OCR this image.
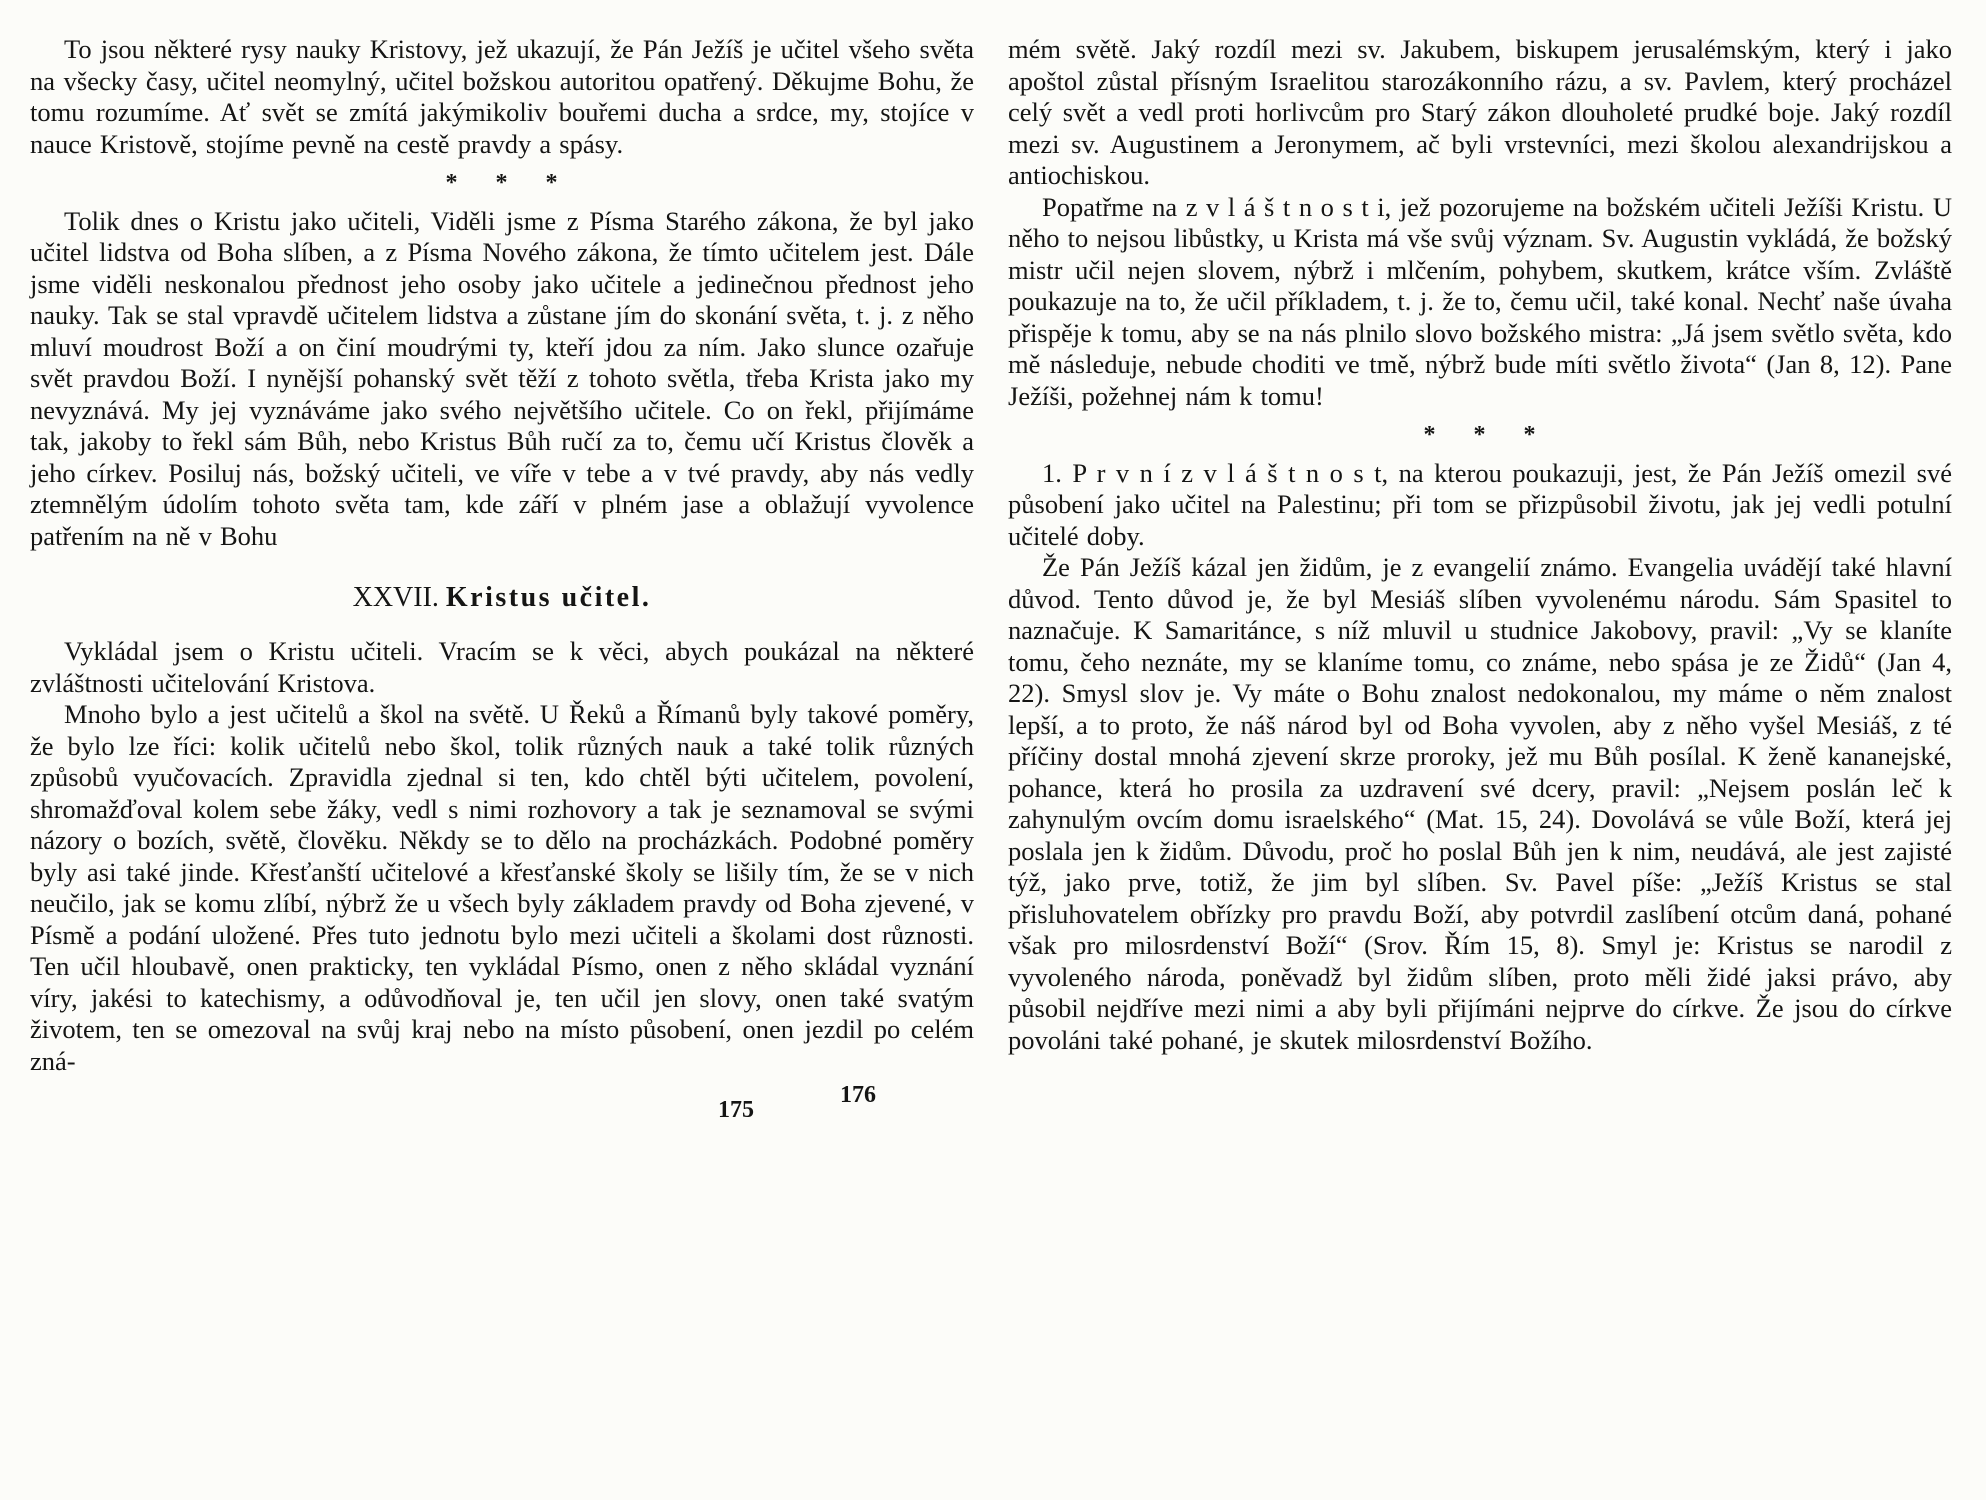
To jsou některé rysy nauky Kristovy, jež ukazují, že Pán Ježíš je učitel všeho světa na všecky časy, učitel neomylný, učitel božskou autoritou opatřený. Děkujme Bohu, že tomu rozumíme. Ať svět se zmítá jakýmikoliv bouřemi ducha a srdce, my, stojíce v nauce Kristově, stojíme pevně na cestě pravdy a spásy.

* * *

Tolik dnes o Kristu jako učiteli, Viděli jsme z Písma Starého zákona, že byl jako učitel lidstva od Boha slíben, a z Písma Nového zákona, že tímto učitelem jest. Dále jsme viděli neskonalou přednost jeho osoby jako učitele a jedinečnou přednost jeho nauky. Tak se stal vpravdě učitelem lidstva a zůstane jím do skonání světa, t. j. z něho mluví moudrost Boží a on činí moudrými ty, kteří jdou za ním. Jako slunce ozařuje svět pravdou Boží. I nynější pohanský svět těží z tohoto světla, třeba Krista jako my nevyznává. My jej vyznáváme jako svého největšího učitele. Co on řekl, přijímáme tak, jakoby to řekl sám Bůh, nebo Kristus Bůh ručí za to, čemu učí Kristus člověk a jeho církev. Posiluj nás, božský učiteli, ve víře v tebe a v tvé pravdy, aby nás vedly ztemnělým údolím tohoto světa tam, kde září v plném jase a oblažují vyvolence patřením na ně v Bohu

XXVII. Kristus učitel.

Vykládal jsem o Kristu učiteli. Vracím se k věci, abych poukázal na některé zvláštnosti učitelování Kristova.

Mnoho bylo a jest učitelů a škol na světě. U Řeků a Římanů byly takové poměry, že bylo lze říci: kolik učitelů nebo škol, tolik různých nauk a také tolik různých způsobů vyučovacích. Zpravidla zjednal si ten, kdo chtěl býti učitelem, povolení, shromažďoval kolem sebe žáky, vedl s nimi rozhovory a tak je seznamoval se svými názory o bozích, světě, člověku. Někdy se to dělo na procházkách. Podobné poměry byly asi také jinde. Křesťanští učitelové a křesťanské školy se lišily tím, že se v nich neučilo, jak se komu zlíbí, nýbrž že u všech byly základem pravdy od Boha zjevené, v Písmě a podání uložené. Přes tuto jednotu bylo mezi učiteli a školami dost různosti. Ten učil hloubavě, onen prakticky, ten vykládal Písmo, onen z něho skládal vyznání víry, jakési to katechismy, a odůvodňoval je, ten učil jen slovy, onen také svatým životem, ten se omezoval na svůj kraj nebo na místo působení, onen jezdil po celém zná-

175

mém světě. Jaký rozdíl mezi sv. Jakubem, biskupem jerusalémským, který i jako apoštol zůstal přísným Israelitou starozákonního rázu, a sv. Pavlem, který procházel celý svět a vedl proti horlivcům pro Starý zákon dlouholeté prudké boje. Jaký rozdíl mezi sv. Augustinem a Jeronymem, ač byli vrstevníci, mezi školou alexandrijskou a antiochiskou.

Popatřme na z v l á š t n o s t i, jež pozorujeme na božském učiteli Ježíši Kristu. U něho to nejsou libůstky, u Krista má vše svůj význam. Sv. Augustin vykládá, že božský mistr učil nejen slovem, nýbrž i mlčením, pohybem, skutkem, krátce vším. Zvláště poukazuje na to, že učil příkladem, t. j. že to, čemu učil, také konal. Nechť naše úvaha přispěje k tomu, aby se na nás plnilo slovo božského mistra: „Já jsem světlo světa, kdo mě následuje, nebude choditi ve tmě, nýbrž bude míti světlo života“ (Jan 8, 12). Pane Ježíši, požehnej nám k tomu!

* * *

1. P r v n í z v l á š t n o s t, na kterou poukazuji, jest, že Pán Ježíš omezil své působení jako učitel na Palestinu; při tom se přizpůsobil životu, jak jej vedli potulní učitelé doby.

Že Pán Ježíš kázal jen židům, je z evangelií známo. Evangelia uvádějí také hlavní důvod. Tento důvod je, že byl Mesiáš slíben vyvolenému národu. Sám Spasitel to naznačuje. K Samaritánce, s níž mluvil u studnice Jakobovy, pravil: „Vy se klaníte tomu, čeho neznáte, my se klaníme tomu, co známe, nebo spása je ze Židů“ (Jan 4, 22). Smysl slov je. Vy máte o Bohu znalost nedokonalou, my máme o něm znalost lepší, a to proto, že náš národ byl od Boha vyvolen, aby z něho vyšel Mesiáš, z té příčiny dostal mnohá zjevení skrze proroky, jež mu Bůh posílal. K ženě kananejské, pohance, která ho prosila za uzdravení své dcery, pravil: „Nejsem poslán leč k zahynulým ovcím domu israelského“ (Mat. 15, 24). Dovolává se vůle Boží, která jej poslala jen k židům. Důvodu, proč ho poslal Bůh jen k nim, neudává, ale jest zajisté týž, jako prve, totiž, že jim byl slíben. Sv. Pavel píše: „Ježíš Kristus se stal přisluhovatelem obřízky pro pravdu Boží, aby potvrdil zaslíbení otcům daná, pohané však pro milosrdenství Boží“ (Srov. Řím 15, 8). Smyl je: Kristus se narodil z vyvoleného národa, poněvadž byl židům slíben, proto měli židé jaksi právo, aby působil nejdříve mezi nimi a aby byli přijímáni nejprve do církve. Že jsou do církve povoláni také pohané, je skutek milosrdenství Božího.

176
